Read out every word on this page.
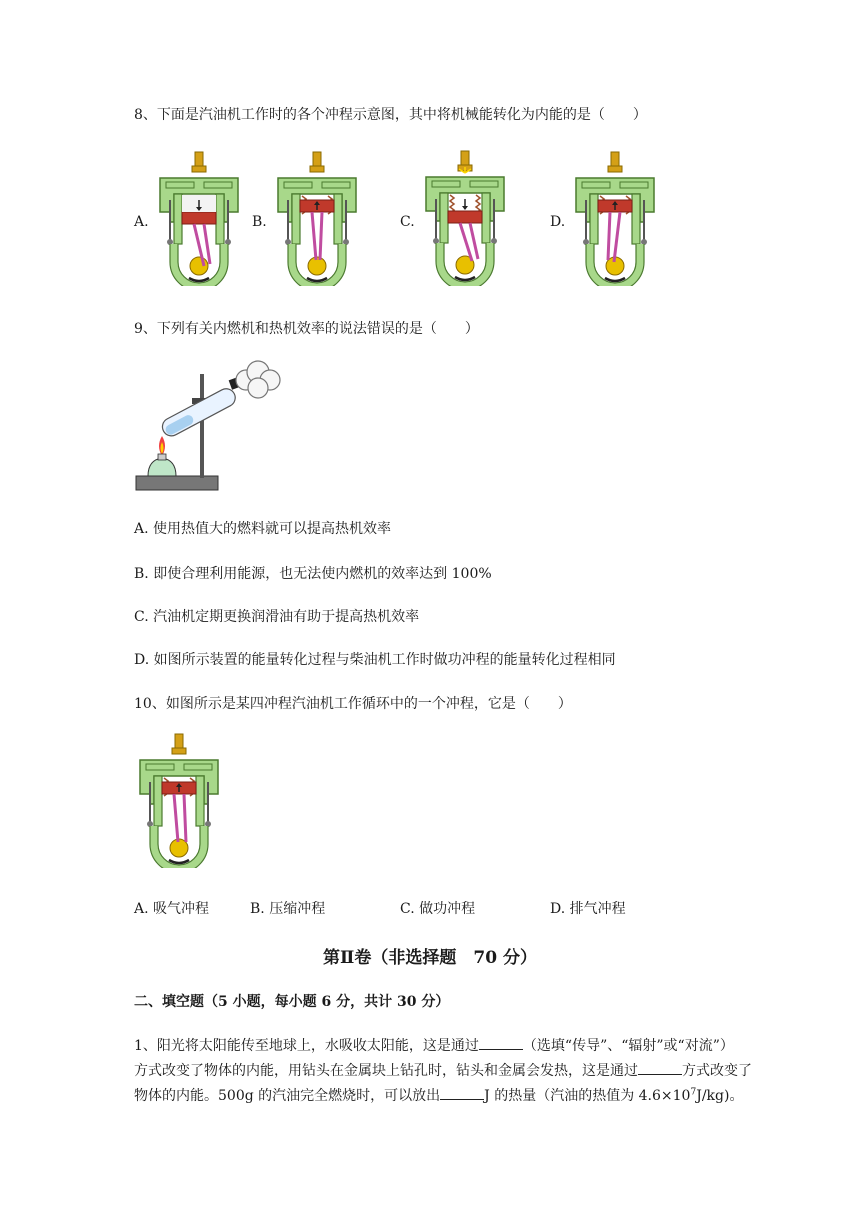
8、下面是汽油机工作时的各个冲程示意图，其中将机械能转化为内能的是（　　）
A.	B.	C.	D.
9、下列有关内燃机和热机效率的说法错误的是（　　）
A. 使用热值大的燃料就可以提高热机效率
B. 即使合理利用能源，也无法使内燃机的效率达到 100%
C. 汽油机定期更换润滑油有助于提高热机效率
D. 如图所示装置的能量转化过程与柴油机工作时做功冲程的能量转化过程相同
10、如图所示是某四冲程汽油机工作循环中的一个冲程，它是（　　）
A. 吸气冲程	B. 压缩冲程	C. 做功冲程	D. 排气冲程
第Ⅱ卷（非选择题　70 分）
二、填空题（5 小题，每小题 6 分，共计 30 分）
1、阳光将太阳能传至地球上，水吸收太阳能，这是通过	（选填“传导”、“辐射”或“对流”）
方式改变了物体的内能，用钻头在金属块上钻孔时，钻头和金属会发热，这是通过	方式改变了
物体的内能。500g 的汽油完全燃烧时，可以放出	J 的热量（汽油的热值为 $4.6\times 10^7J/kg$)。
